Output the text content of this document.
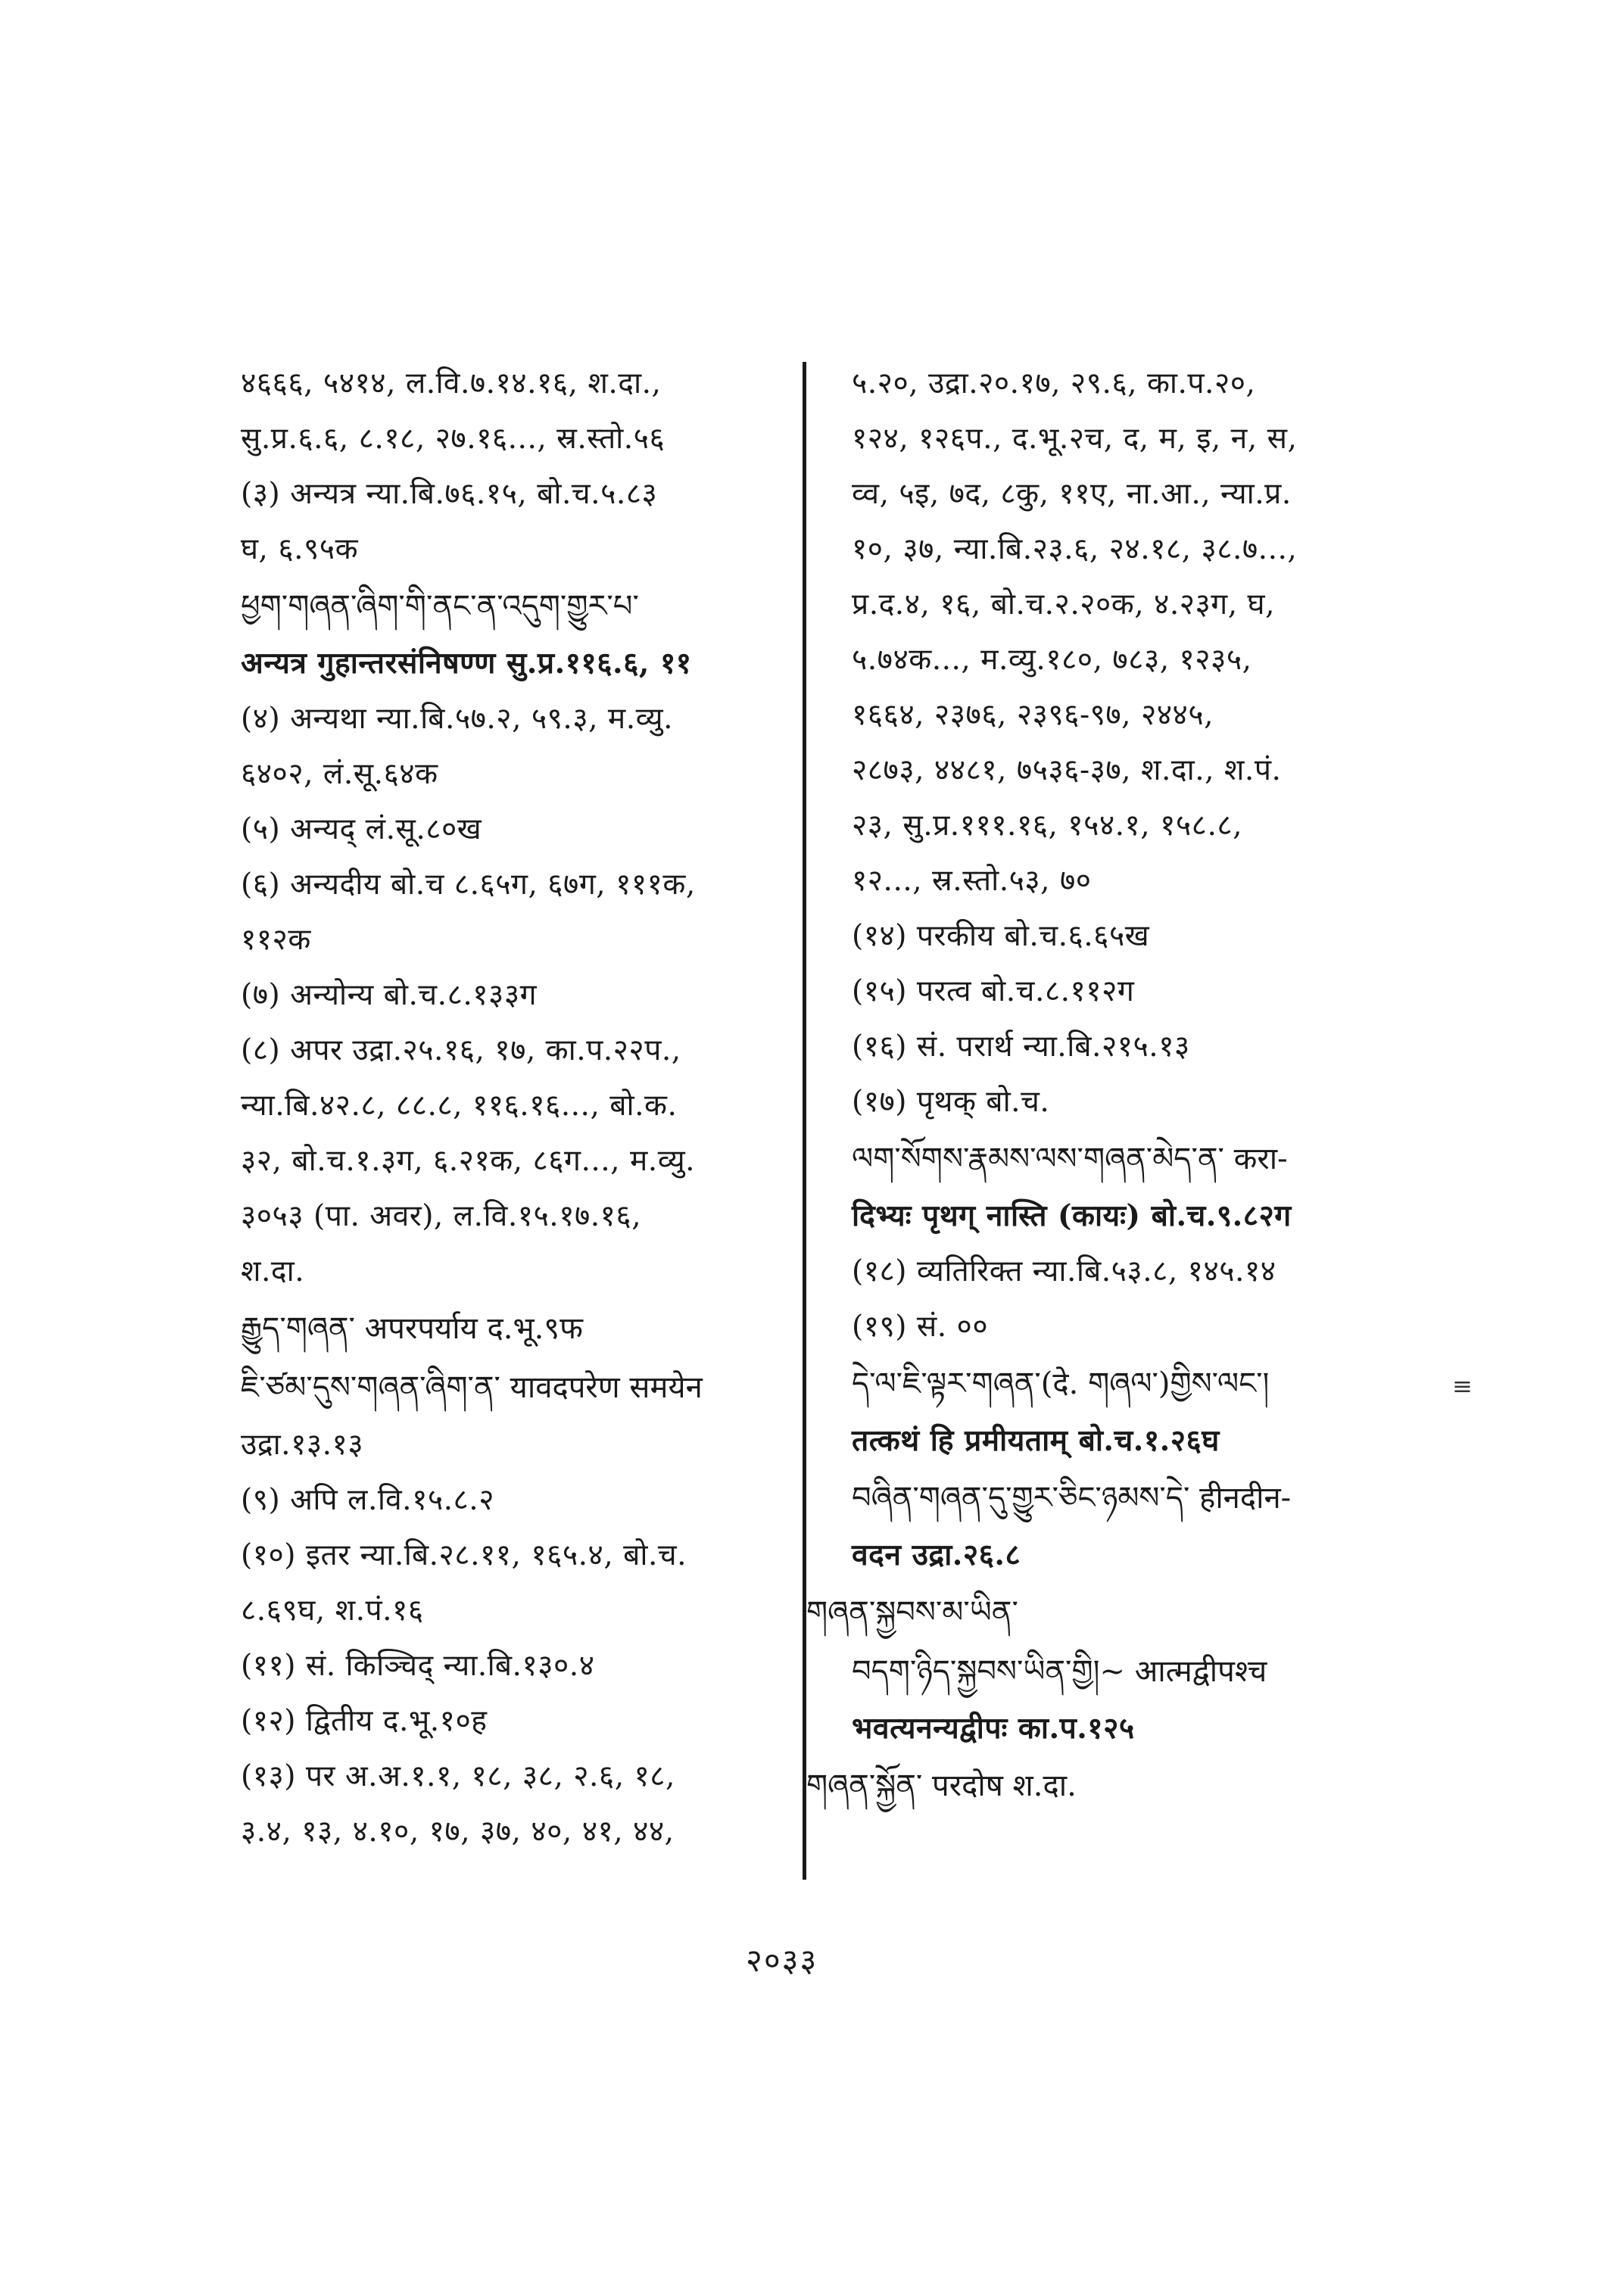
४६६६, ५४१४, ल.वि.७.१४.१६, श.दा.,
सु.प्र.६.६, ८.१८, २७.१६..., स्र.स्तो.५६
(३) अन्यत्र न्या.बि.७६.१५, बो.च.५.८३
घ, ६.९५क
ཕྱག་གཞན་ཞིག་གི་ནང་ན་འདུག་གྱུར་པ་
अन्यत्र गुहान्तरसंनिषण्ण सु.प्र.११६.६, ११
(४) अन्यथा न्या.बि.५७.२, ५९.३, म.व्यु.
६४०२, लं.सू.६४क
(५) अन्यद् लं.सू.८०ख
(६) अन्यदीय बो.च ८.६५ग, ६७ग, १११क,
११२क
(७) अन्योन्य बो.च.८.१३३ग
(८) अपर उद्रा.२५.१६, १७, का.प.२२प.,
न्या.बि.४२.८, ८८.८, ११६.१६..., बो.क.
३२, बो.च.१.३ग, ६.२१क, ८६ग..., म.व्यु.
३०५३ (पा. अवर), ल.वि.१५.१७.१६,
श.दा.
རྒྱུད་གཞན་ अपरपर्याय द.भू.९फ
ཇི་ཙམ་དུས་གཞན་ཞིག་ན་ यावदपरेण समयेन
उद्रा.१३.१३
(९) अपि ल.वि.१५.८.२
(१०) इतर न्या.बि.२८.११, १६५.४, बो.च.
८.६९घ, श.पं.१६
(११) सं. किञ्चिद् न्या.बि.१३०.४
(१२) द्वितीय द.भू.१०ह
(१३) पर अ.अ.१.१, १८, ३८, २.६, १८,
३.४, १३, ४.१०, १७, ३७, ४०, ४१, ४४,
५.२०, उद्रा.२०.१७, २९.६, का.प.२०,
१२४, १२६प., द.भू.२च, द, म, इ, न, स,
व्व, ५इ, ७द, ८कु, ११ए, ना.आ., न्या.प्र.
१०, ३७, न्या.बि.२३.६, २४.१८, ३८.७...,
प्र.द.४, १६, बो.च.२.२०क, ४.२३ग, घ,
५.७४क..., म.व्यु.१८०, ७८३, १२३५,
१६६४, २३७६, २३९६-९७, २४४५,
२८७३, ४४८१, ७५३६-३७, श.दा., श.पं.
२३, सु.प्र.१११.१६, १५४.१, १५८.८,
१२..., स्र.स्तो.५३, ७०
(१४) परकीय बो.च.६.६५ख
(१५) परत्व बो.च.८.११२ग
(१६) सं. परार्थ न्या.बि.२१५.१३
(१७) पृथक् बो.च.
ལག་སོགས་རྣམས་ལས་གཞན་མེད་ན་ करा-
दिभ्यः पृथग् नास्ति (कायः) बो.च.९.८२ग
(१८) व्यतिरिक्त न्या.बि.५३.८, १४५.१४
(१९) सं. ००
དེ་ལ་ཇི་ལྟར་གཞན་(दे. གཞལ་)གྱིས་ལང་།
तत्कथं हि प्रमीयताम् बो.च.१.२६घ
བཞིན་གཞན་དུ་གྱུར་ཅིང་ཉམས་དེ་ हीनदीन-
वदन उद्रा.२६.८
གཞན་སྐྱབས་མ་ཡིན་
བདག་ཉིད་སྐྱབས་ཡིན་གྱི།~ आत्मद्वीपश्च
भवत्यनन्यद्वीपः का.प.१२५
གཞན་སྐྱོན་ परदोष श.दा.
२०३३
≡
